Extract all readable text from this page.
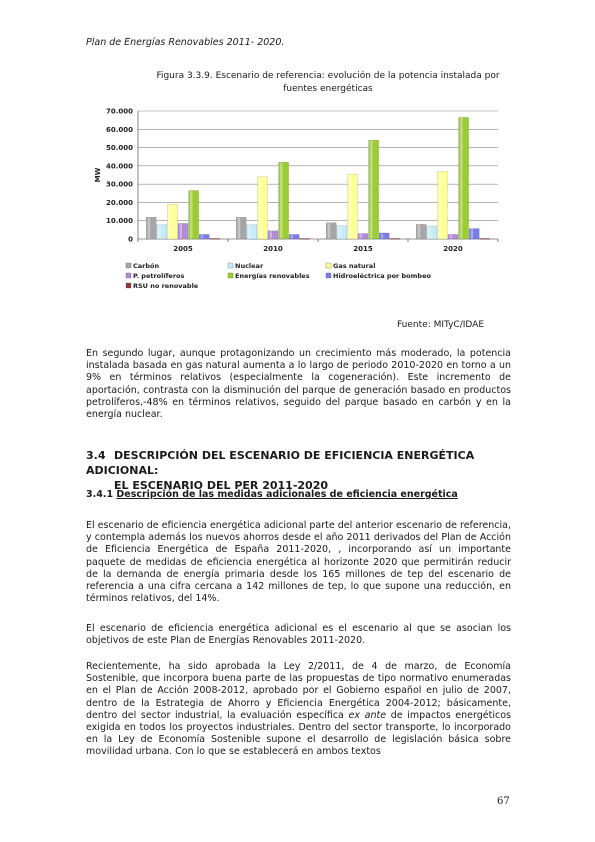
Plan de Energías Renovables 2011- 2020.
Figura 3.3.9. Escenario de referencia: evolución de la potencia instalada por
fuentes energéticas
0
10.000
20.000
30.000
40.000
50.000
60.000
70.000
MW
2005	2010	2015	2020
Carbón	Nuclear	Gas natural
P. petrolíferos	Energías renovables	Hidroeléctrica por bombeo
RSU no renovable
Fuente: MITyC/IDAE
En segundo lugar, aunque protagonizando un crecimiento más moderado, la potencia instalada basada en gas natural aumenta a lo largo de periodo 2010-2020 en torno a un 9% en términos relativos (especialmente la cogeneración). Este incremento de aportación, contrasta con la disminución del parque de generación basado en productos petrolíferos,-48% en términos relativos, seguido del parque basado en carbón y en la energía nuclear.
3.4 DESCRIPCIÓN DEL ESCENARIO DE EFICIENCIA ENERGÉTICA ADICIONAL:
EL ESCENARIO DEL PER 2011-2020
3.4.1 Descripción de las medidas adicionales de eficiencia energética
El escenario de eficiencia energética adicional parte del anterior escenario de referencia, y contempla además los nuevos ahorros desde el año 2011 derivados del Plan de Acción de Eficiencia Energética de España 2011-2020, , incorporando así un importante paquete de medidas de eficiencia energética al horizonte 2020 que permitirán reducir de la demanda de energía primaria desde los 165 millones de tep del escenario de referencia a una cifra cercana a 142 millones de tep, lo que supone una reducción, en términos relativos, del 14%.
El escenario de eficiencia energética adicional es el escenario al que se asocian los objetivos de este Plan de Energías Renovables 2011-2020.
Recientemente, ha sido aprobada la Ley 2/2011, de 4 de marzo, de Economía Sostenible, que incorpora buena parte de las propuestas de tipo normativo enumeradas en el Plan de Acción 2008-2012, aprobado por el Gobierno español en julio de 2007, dentro de la Estrategia de Ahorro y Eficiencia Energética 2004-2012; básicamente, dentro del sector industrial, la evaluación específica ex ante de impactos energéticos exigida en todos los proyectos industriales. Dentro del sector transporte, lo incorporado en la Ley de Economía Sostenible supone el desarrollo de legislación básica sobre movilidad urbana. Con lo que se establecerá en ambos textos
67
